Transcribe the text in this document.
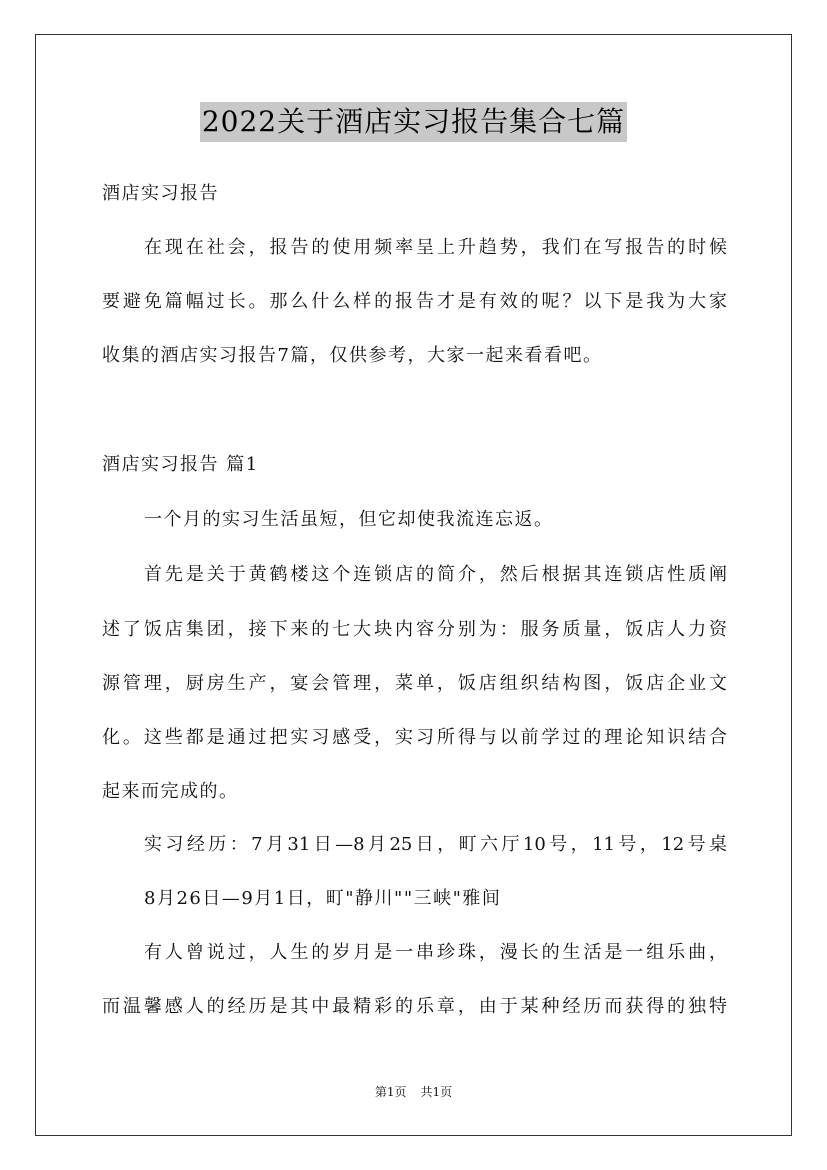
2022关于酒店实习报告集合七篇
酒店实习报告
在现在社会，报告的使用频率呈上升趋势，我们在写报告的时候
要避免篇幅过长。那么什么样的报告才是有效的呢？以下是我为大家
收集的酒店实习报告7篇，仅供参考，大家一起来看看吧。
酒店实习报告 篇1
一个月的实习生活虽短，但它却使我流连忘返。
首先是关于黄鹤楼这个连锁店的简介，然后根据其连锁店性质阐
述了饭店集团，接下来的七大块内容分别为：服务质量，饭店人力资
源管理，厨房生产，宴会管理，菜单，饭店组织结构图，饭店企业文
化。这些都是通过把实习感受，实习所得与以前学过的理论知识结合
起来而完成的。
实习经历：7月31日—8月25日，町六厅10号，11号，12号桌
8月26日—9月1日，町"静川""三峡"雅间
有人曾说过，人生的岁月是一串珍珠，漫长的生活是一组乐曲，
而温馨感人的经历是其中最精彩的乐章，由于某种经历而获得的独特
第1页 共1页
